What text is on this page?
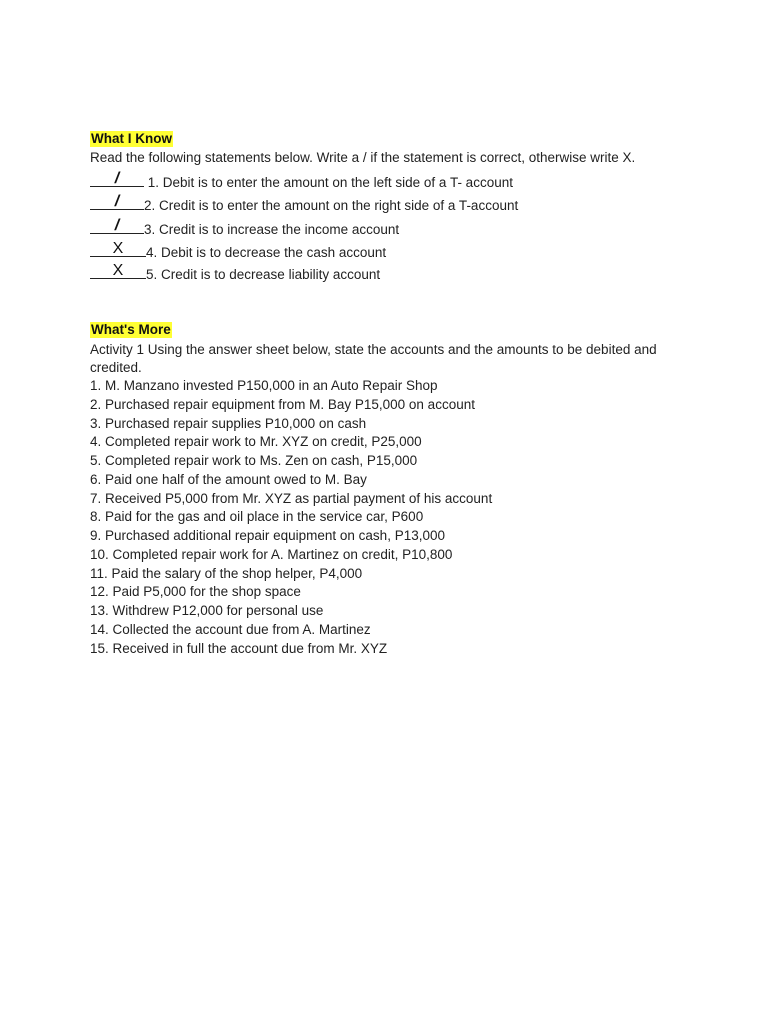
What I Know
Read the following statements below. Write a / if the statement is correct, otherwise write X.
/	1. Debit is to enter the amount on the left side of a T- account
/	2. Credit is to enter the amount on the right side of a T-account
/	3. Credit is to increase the income account
X	4. Debit is to decrease the cash account
X	5. Credit is to decrease liability account
What's More
Activity 1 Using the answer sheet below, state the accounts and the amounts to be debited and credited.
1. M. Manzano invested P150,000 in an Auto Repair Shop
2. Purchased repair equipment from M. Bay P15,000 on account
3. Purchased repair supplies P10,000 on cash
4. Completed repair work to Mr. XYZ on credit, P25,000
5. Completed repair work to Ms. Zen on cash, P15,000
6. Paid one half of the amount owed to M. Bay
7. Received P5,000 from Mr. XYZ as partial payment of his account
8. Paid for the gas and oil place in the service car, P600
9. Purchased additional repair equipment on cash, P13,000
10. Completed repair work for A. Martinez on credit, P10,800
11. Paid the salary of the shop helper, P4,000
12. Paid P5,000 for the shop space
13. Withdrew P12,000 for personal use
14. Collected the account due from A. Martinez
15. Received in full the account due from Mr. XYZ
